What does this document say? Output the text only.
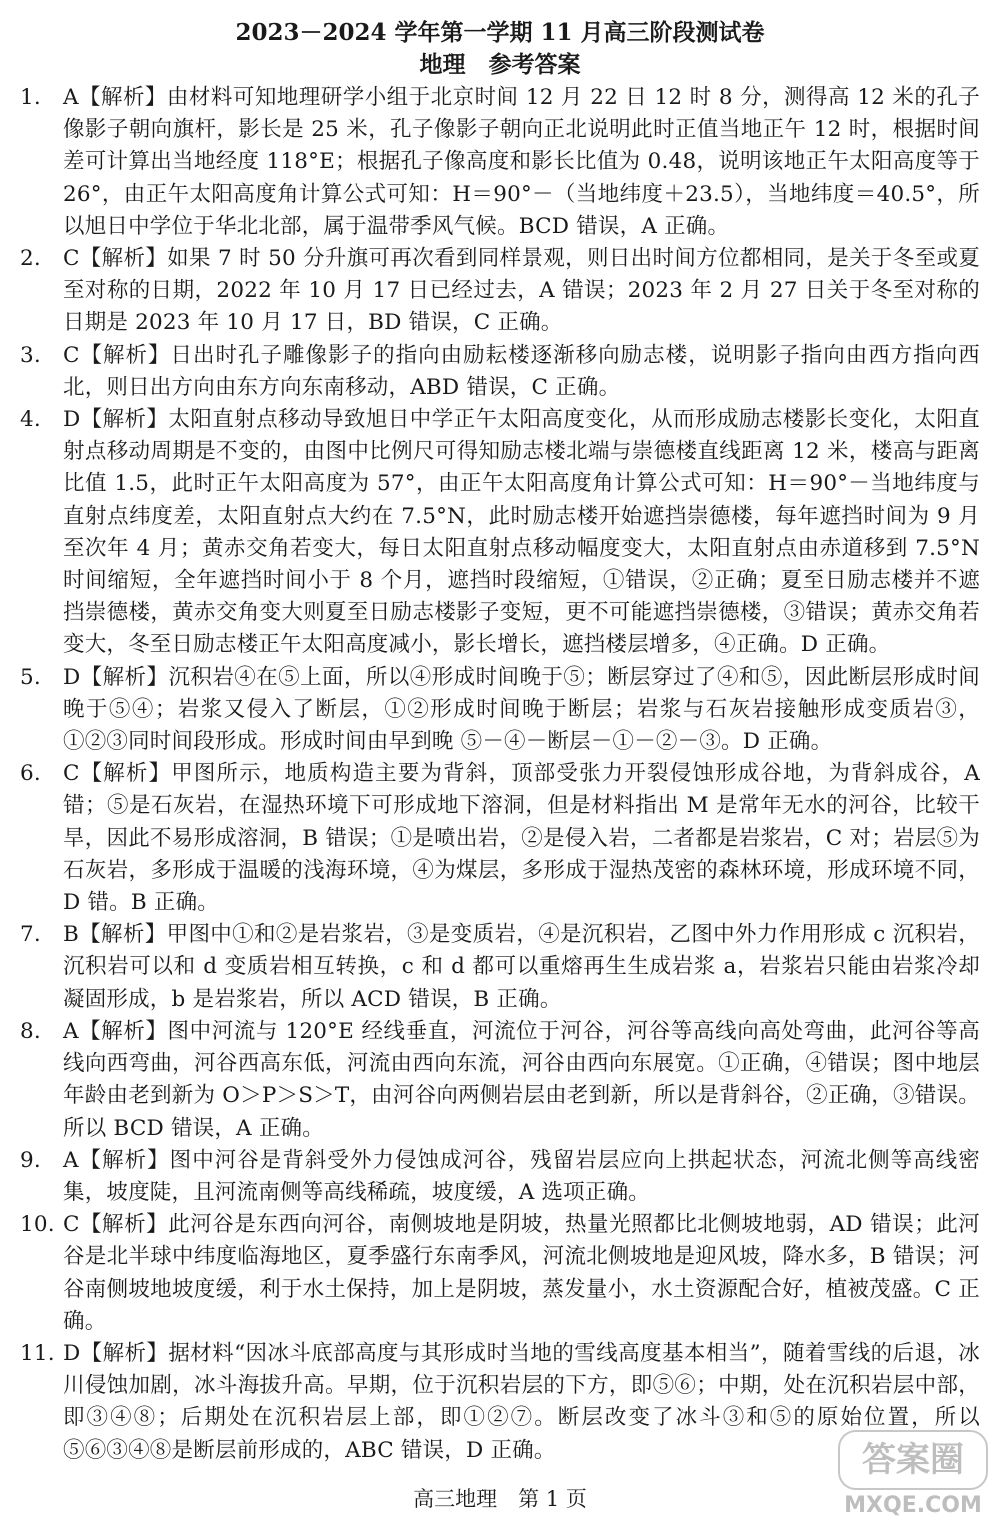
2023－2024 学年第一学期 11 月高三阶段测试卷
地理　参考答案
1.	A【解析】由材料可知地理研学小组于北京时间 12 月 22 日 12 时 8 分，测得高 12 米的孔子像影子朝向旗杆，影长是 25 米，孔子像影子朝向正北说明此时正值当地正午 12 时，根据时间差可计算出当地经度 118°E；根据孔子像高度和影长比值为 0.48，说明该地正午太阳高度等于 26°，由正午太阳高度角计算公式可知：H＝90°－（当地纬度＋23.5），当地纬度＝40.5°，所以旭日中学位于华北北部，属于温带季风气候。BCD 错误，A 正确。
2.	C【解析】如果 7 时 50 分升旗可再次看到同样景观，则日出时间方位都相同，是关于冬至或夏至对称的日期，2022 年 10 月 17 日已经过去，A 错误；2023 年 2 月 27 日关于冬至对称的日期是 2023 年 10 月 17 日，BD 错误，C 正确。
3.	C【解析】日出时孔子雕像影子的指向由励耘楼逐渐移向励志楼，说明影子指向由西方指向西北，则日出方向由东方向东南移动，ABD 错误，C 正确。
4.	D【解析】太阳直射点移动导致旭日中学正午太阳高度变化，从而形成励志楼影长变化，太阳直射点移动周期是不变的，由图中比例尺可得知励志楼北端与崇德楼直线距离 12 米，楼高与距离比值 1.5，此时正午太阳高度为 57°，由正午太阳高度角计算公式可知：H＝90°－当地纬度与直射点纬度差，太阳直射点大约在 7.5°N，此时励志楼开始遮挡崇德楼，每年遮挡时间为 9 月至次年 4 月；黄赤交角若变大，每日太阳直射点移动幅度变大，太阳直射点由赤道移到 7.5°N 时间缩短，全年遮挡时间小于 8 个月，遮挡时段缩短，①错误，②正确；夏至日励志楼并不遮挡崇德楼，黄赤交角变大则夏至日励志楼影子变短，更不可能遮挡崇德楼，③错误；黄赤交角若变大，冬至日励志楼正午太阳高度减小，影长增长，遮挡楼层增多，④正确。D 正确。
5.	D【解析】沉积岩④在⑤上面，所以④形成时间晚于⑤；断层穿过了④和⑤，因此断层形成时间晚于⑤④；岩浆又侵入了断层，①②形成时间晚于断层；岩浆与石灰岩接触形成变质岩③，①②③同时间段形成。形成时间由早到晚 ⑤－④－断层－①－②－③。D 正确。
6.	C【解析】甲图所示，地质构造主要为背斜，顶部受张力开裂侵蚀形成谷地，为背斜成谷，A 错；⑤是石灰岩，在湿热环境下可形成地下溶洞，但是材料指出 M 是常年无水的河谷，比较干旱，因此不易形成溶洞，B 错误；①是喷出岩，②是侵入岩，二者都是岩浆岩，C 对；岩层⑤为石灰岩，多形成于温暖的浅海环境，④为煤层，多形成于湿热茂密的森林环境，形成环境不同，D 错。B 正确。
7.	B【解析】甲图中①和②是岩浆岩，③是变质岩，④是沉积岩，乙图中外力作用形成 c 沉积岩，沉积岩可以和 d 变质岩相互转换，c 和 d 都可以重熔再生生成岩浆 a，岩浆岩只能由岩浆冷却凝固形成，b 是岩浆岩，所以 ACD 错误，B 正确。
8.	A【解析】图中河流与 120°E 经线垂直，河流位于河谷，河谷等高线向高处弯曲，此河谷等高线向西弯曲，河谷西高东低，河流由西向东流，河谷由西向东展宽。①正确，④错误；图中地层年龄由老到新为 O＞P＞S＞T，由河谷向两侧岩层由老到新，所以是背斜谷，②正确，③错误。所以 BCD 错误，A 正确。
9.	A【解析】图中河谷是背斜受外力侵蚀成河谷，残留岩层应向上拱起状态，河流北侧等高线密集，坡度陡，且河流南侧等高线稀疏，坡度缓，A 选项正确。
10. C【解析】此河谷是东西向河谷，南侧坡地是阴坡，热量光照都比北侧坡地弱，AD 错误；此河谷是北半球中纬度临海地区，夏季盛行东南季风，河流北侧坡地是迎风坡，降水多，B 错误；河谷南侧坡地坡度缓，利于水土保持，加上是阴坡，蒸发量小，水土资源配合好，植被茂盛。C 正确。
11. D【解析】据材料“因冰斗底部高度与其形成时当地的雪线高度基本相当”，随着雪线的后退，冰川侵蚀加剧，冰斗海拔升高。早期，位于沉积岩层的下方，即⑤⑥；中期，处在沉积岩层中部，即③④⑧；后期处在沉积岩层上部，即①②⑦。断层改变了冰斗③和⑤的原始位置，所以⑤⑥③④⑧是断层前形成的，ABC 错误，D 正确。
高三地理　第 1 页
答案圈
MXQE.COM
